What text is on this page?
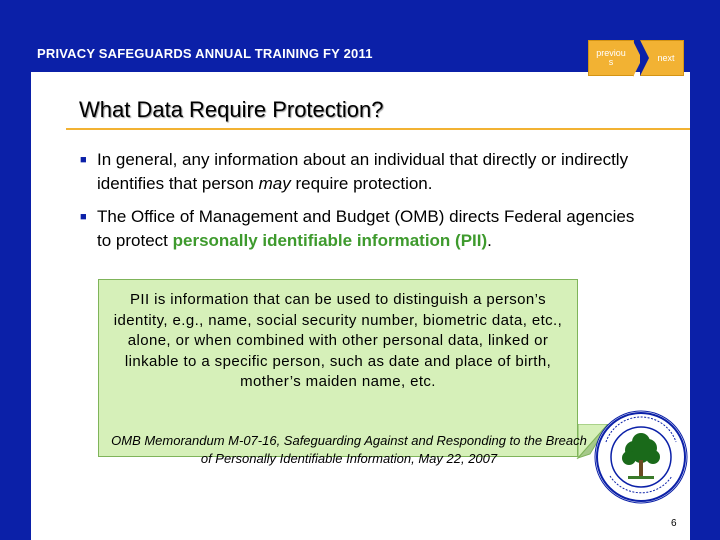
PRIVACY SAFEGUARDS ANNUAL TRAINING FY 2011	previou s	next
What Data Require Protection?
■ In general, any information about an individual that directly or indirectly identifies that person may require protection.
■ The Office of Management and Budget (OMB) directs Federal agencies
to protect personally identifiable information (PII).
PII is information that can be used to distinguish a person’s identity, e.g., name, social security number, biometric data, etc., alone, or when combined with other personal data, linked or linkable to a specific person, such as date and place of birth, mother’s maiden name, etc.
OMB Memorandum M-07-16, Safeguarding Against and Responding to the Breach of Personally Identifiable Information, May 22, 2007
6
